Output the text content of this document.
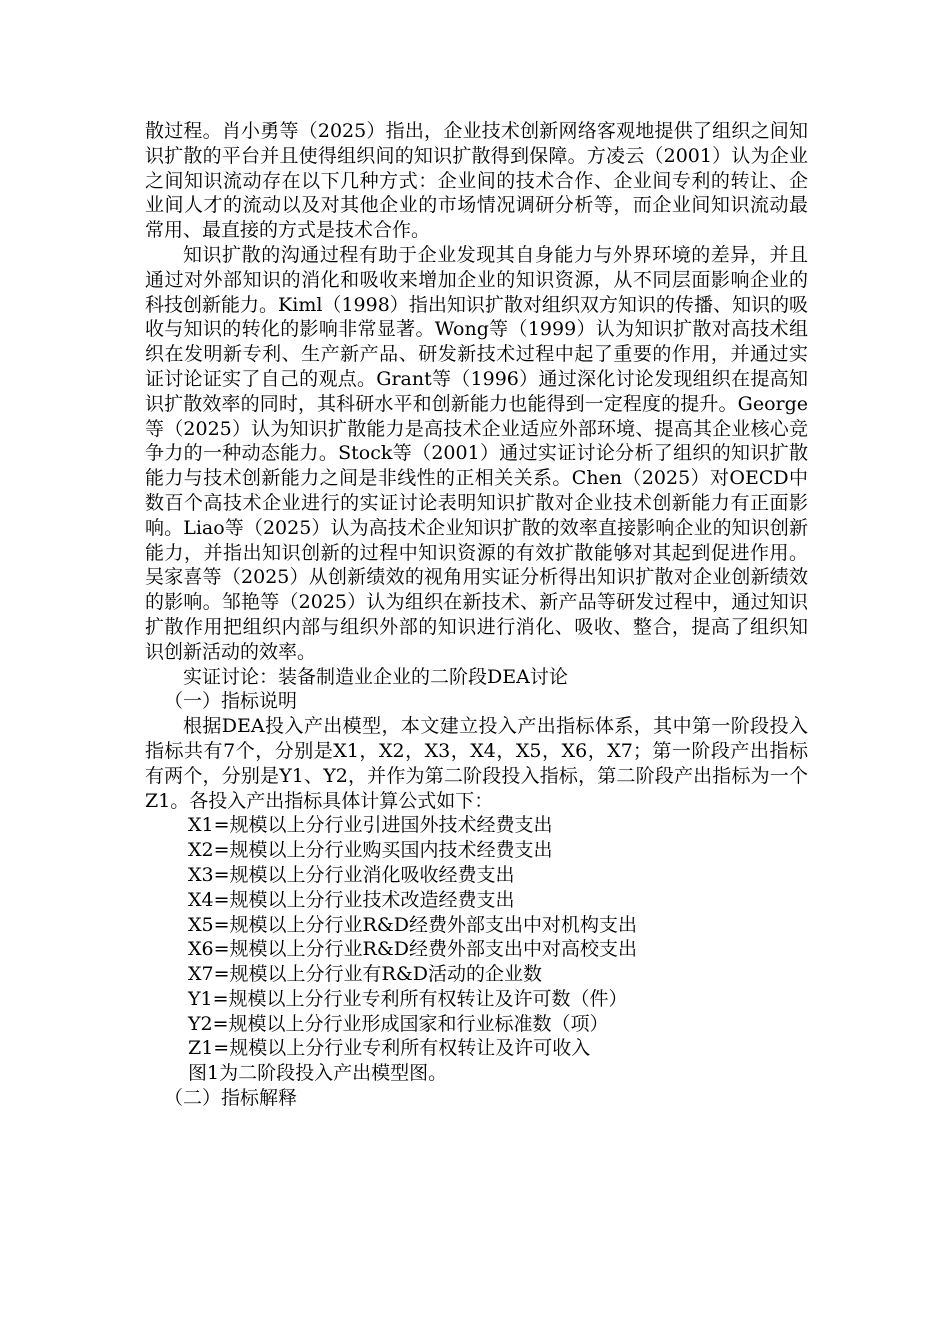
散过程。肖小勇等（2025）指出，企业技术创新网络客观地提供了组织之间知识扩散的平台并且使得组织间的知识扩散得到保障。方凌云（2001）认为企业之间知识流动存在以下几种方式：企业间的技术合作、企业间专利的转让、企业间人才的流动以及对其他企业的市场情况调研分析等，而企业间知识流动最常用、最直接的方式是技术合作。

知识扩散的沟通过程有助于企业发现其自身能力与外界环境的差异，并且通过对外部知识的消化和吸收来增加企业的知识资源，从不同层面影响企业的科技创新能力。Kiml（1998）指出知识扩散对组织双方知识的传播、知识的吸收与知识的转化的影响非常显著。Wong等（1999）认为知识扩散对高技术组织在发明新专利、生产新产品、研发新技术过程中起了重要的作用，并通过实证讨论证实了自己的观点。Grant等（1996）通过深化讨论发现组织在提高知识扩散效率的同时，其科研水平和创新能力也能得到一定程度的提升。George等（2025）认为知识扩散能力是高技术企业适应外部环境、提高其企业核心竞争力的一种动态能力。Stock等（2001）通过实证讨论分析了组织的知识扩散能力与技术创新能力之间是非线性的正相关关系。Chen（2025）对OECD中数百个高技术企业进行的实证讨论表明知识扩散对企业技术创新能力有正面影响。Liao等（2025）认为高技术企业知识扩散的效率直接影响企业的知识创新能力，并指出知识创新的过程中知识资源的有效扩散能够对其起到促进作用。吴家喜等（2025）从创新绩效的视角用实证分析得出知识扩散对企业创新绩效的影响。邹艳等（2025）认为组织在新技术、新产品等研发过程中，通过知识扩散作用把组织内部与组织外部的知识进行消化、吸收、整合，提高了组织知识创新活动的效率。

实证讨论：装备制造业企业的二阶段DEA讨论

（一）指标说明

根据DEA投入产出模型，本文建立投入产出指标体系，其中第一阶段投入指标共有7个，分别是X1，X2，X3，X4，X5，X6，X7；第一阶段产出指标有两个，分别是Y1、Y2，并作为第二阶段投入指标，第二阶段产出指标为一个Z1。各投入产出指标具体计算公式如下：

X1=规模以上分行业引进国外技术经费支出
X2=规模以上分行业购买国内技术经费支出
X3=规模以上分行业消化吸收经费支出
X4=规模以上分行业技术改造经费支出
X5=规模以上分行业R&D经费外部支出中对机构支出
X6=规模以上分行业R&D经费外部支出中对高校支出
X7=规模以上分行业有R&D活动的企业数
Y1=规模以上分行业专利所有权转让及许可数（件）
Y2=规模以上分行业形成国家和行业标准数（项）
Z1=规模以上分行业专利所有权转让及许可收入
图1为二阶段投入产出模型图。

（二）指标解释
